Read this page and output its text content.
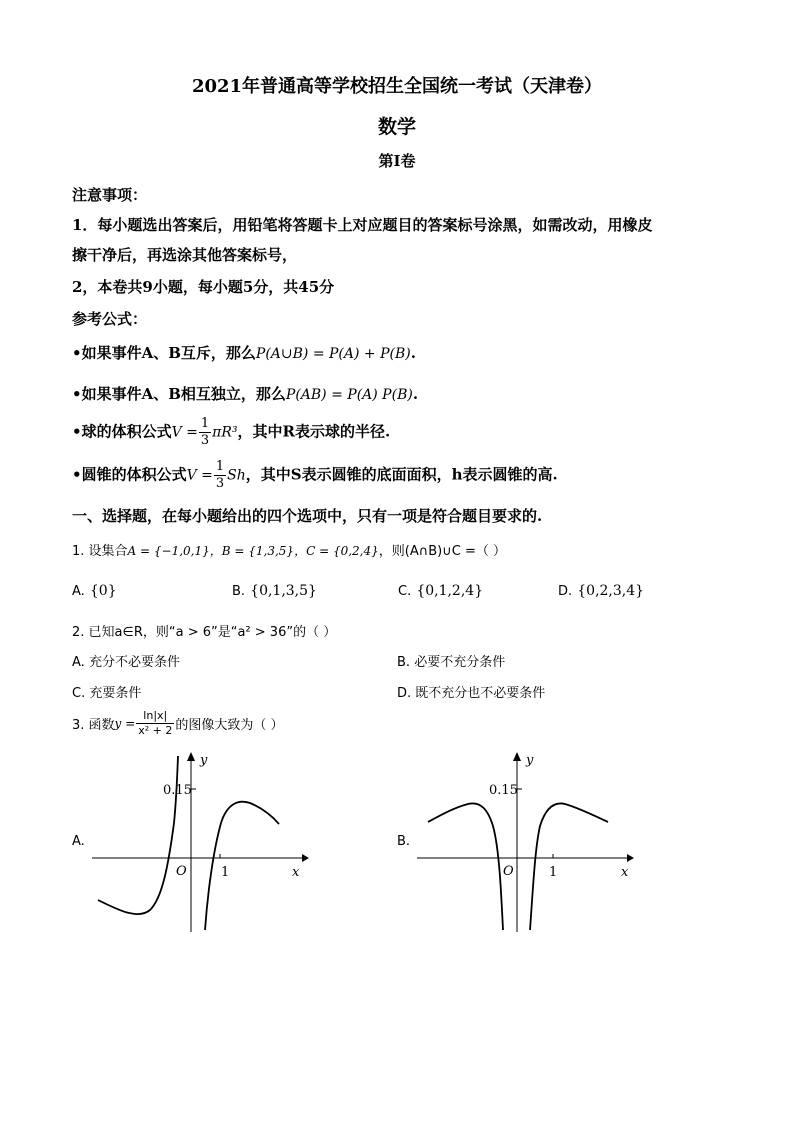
2021年普通高等学校招生全国统一考试（天津卷）
数学
第I卷
注意事项：
1．每小题选出答案后，用铅笔将答题卡上对应题目的答案标号涂黑，如需改动，用橡皮
擦干净后，再选涂其他答案标号，
2，本卷共9小题，每小题5分，共45分
参考公式：
•如果事件A、B互斥，那么P(A∪B) = P(A) + P(B).
•如果事件A、B相互独立，那么P(AB) = P(A) P(B).
•球的体积公式$V = \frac{1}{3} \pi R^3$，其中R表示球的半径.
•圆锥的体积公式$V = \frac{1}{3}$ Sh，其中S表示圆锥的底面面积，h表示圆锥的高.
一、选择题，在每小题给出的四个选项中，只有一项是符合题目要求的.
1. 设集合A = {−1,0,1}，B = {1,3,5}，C = {0,2,4}，则(A∩B)∪C =（ ）
A. {0}	B. {0,1,3,5}	C. {0,1,2,4}	D. {0,2,3,4}
2. 已知a∈R，则“a > 6”是“a² > 36”的（ ）
A. 充分不必要条件	B. 必要不充分条件
C. 充要条件	D. 既不充分也不必要条件
3. 函数$y = \frac{\ln|x|}{\text{x² + 2}}$ 的图像大致为（ ）
A.
y
x
O
0.15
1
B.
y
x
O
0.15
1
